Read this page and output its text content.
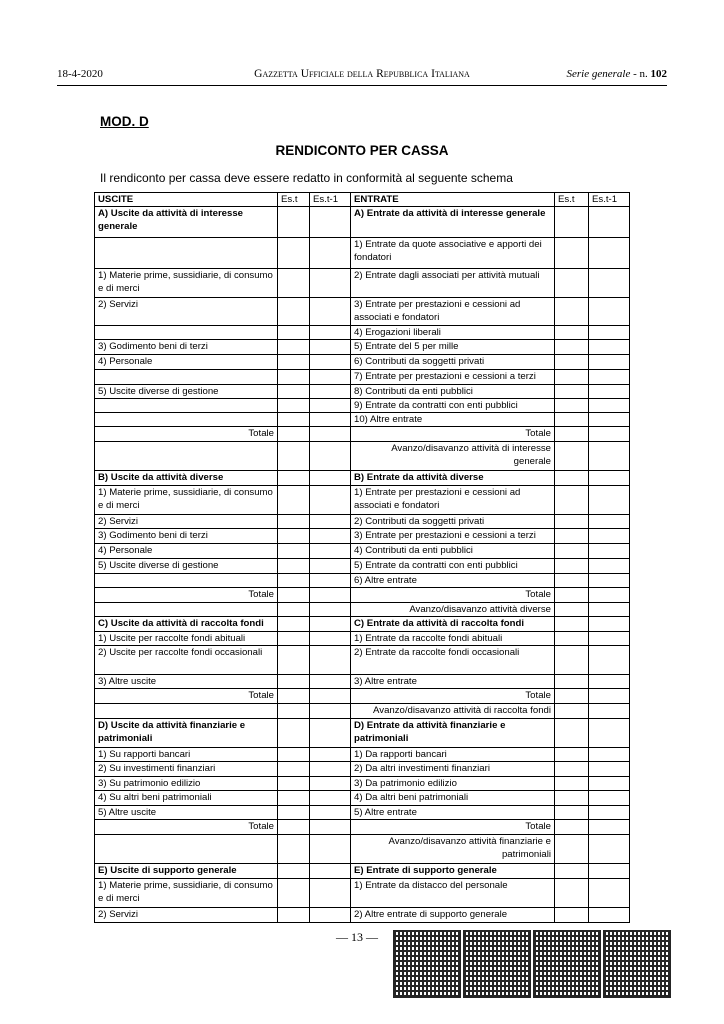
18-4-2020	Gazzetta Ufficiale della Repubblica Italiana	Serie generale - n. 102
MOD. D
RENDICONTO PER CASSA
Il rendiconto per cassa deve essere redatto in conformità al seguente schema
USCITE	Es.t	Es.t-1	ENTRATE	Es.t	Es.t-1
A) Uscite da attività di interesse generale			A) Entrate da attività di interesse generale		
			1) Entrate da quote associative e apporti dei fondatori		
1) Materie prime, sussidiarie, di consumo e di merci			2) Entrate dagli associati per attività mutuali		
2) Servizi			3) Entrate per prestazioni e cessioni ad associati e fondatori		
			4) Erogazioni liberali		
3) Godimento beni di terzi			5) Entrate del 5 per mille		
4) Personale			6) Contributi da soggetti privati		
			7) Entrate per prestazioni e cessioni a terzi		
5) Uscite diverse di gestione			8) Contributi da enti pubblici		
			9) Entrate da contratti con enti pubblici		
			10) Altre entrate		
Totale			Totale		
			Avanzo/disavanzo attività di interesse generale		
B) Uscite da attività diverse			B) Entrate da attività diverse		
1) Materie prime, sussidiarie, di consumo e di merci			1) Entrate per prestazioni e cessioni ad associati e fondatori		
2) Servizi			2) Contributi da soggetti privati		
3) Godimento beni di terzi			3) Entrate per prestazioni e cessioni a terzi		
4) Personale			4) Contributi da enti pubblici		
5) Uscite diverse di gestione			5) Entrate da contratti con enti pubblici		
			6) Altre entrate		
Totale			Totale		
			Avanzo/disavanzo attività diverse		
C) Uscite da attività di raccolta fondi			C) Entrate da attività di raccolta fondi		
1) Uscite per raccolte fondi abituali			1) Entrate da raccolte fondi abituali		
2) Uscite per raccolte fondi occasionali			2) Entrate da raccolte fondi occasionali		
3) Altre uscite			3) Altre entrate		
Totale			Totale		
			Avanzo/disavanzo attività di raccolta fondi		
D) Uscite da attività finanziarie e patrimoniali			D) Entrate da attività finanziarie e patrimoniali		
1) Su rapporti bancari			1) Da rapporti bancari		
2) Su investimenti finanziari			2) Da altri investimenti finanziari		
3) Su patrimonio edilizio			3) Da patrimonio edilizio		
4) Su altri beni patrimoniali			4) Da altri beni patrimoniali		
5) Altre uscite			5) Altre entrate		
Totale			Totale		
			Avanzo/disavanzo attività finanziarie e patrimoniali		
E) Uscite di supporto generale			E) Entrate di supporto generale		
1) Materie prime, sussidiarie, di consumo e di merci			1) Entrate da distacco del personale		
2) Servizi			2) Altre entrate di supporto generale		
— 13 —
